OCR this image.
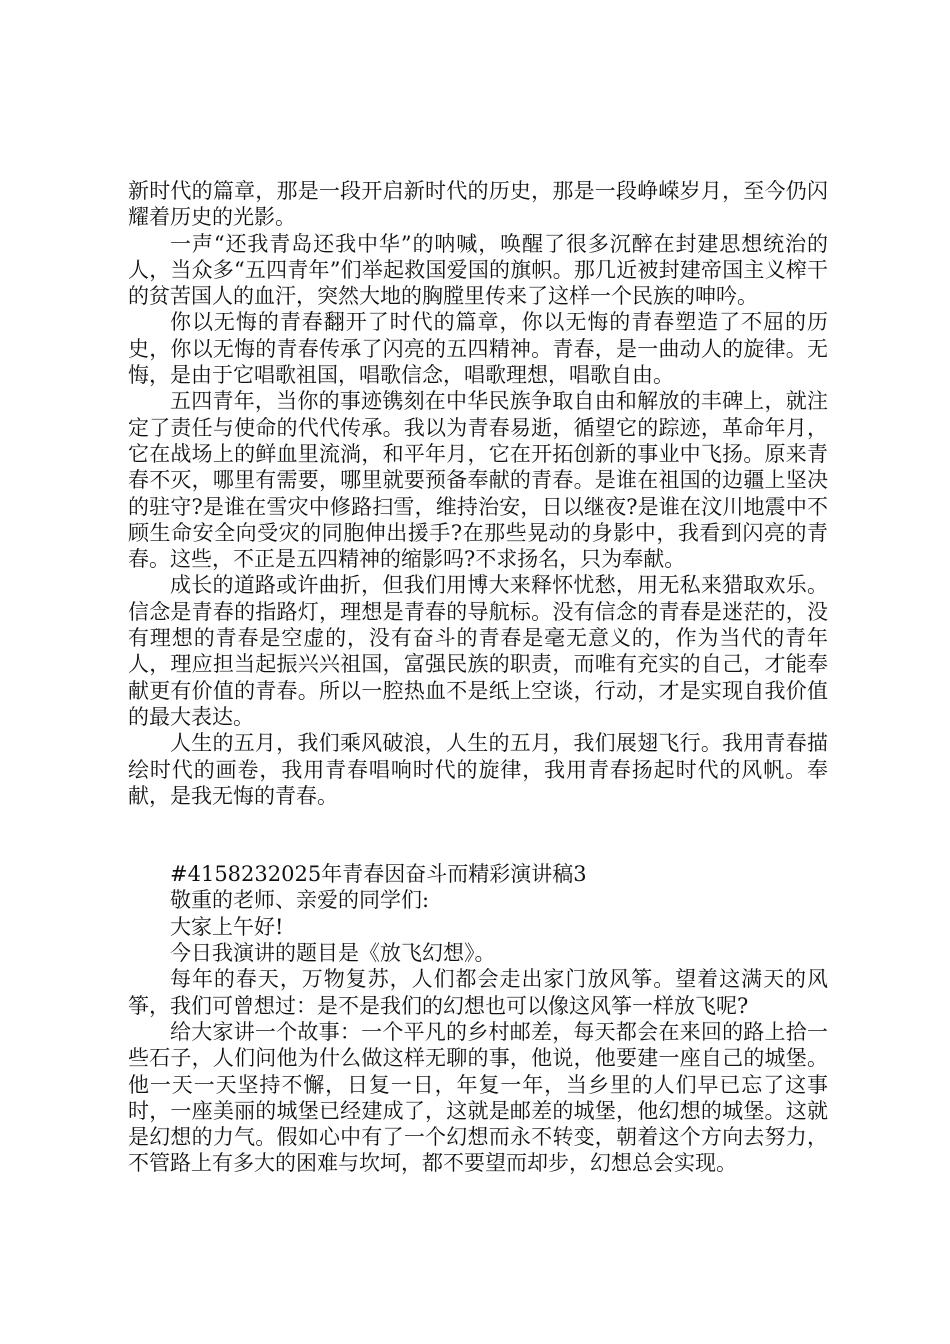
新时代的篇章，那是一段开启新时代的历史，那是一段峥嵘岁月，至今仍闪耀着历史的光影。

一声“还我青岛还我中华”的呐喊，唤醒了很多沉醉在封建思想统治的人，当众多“五四青年”们举起救国爱国的旗帜。那几近被封建帝国主义榨干的贫苦国人的血汗，突然大地的胸膛里传来了这样一个民族的呻吟。

你以无悔的青春翻开了时代的篇章，你以无悔的青春塑造了不屈的历史，你以无悔的青春传承了闪亮的五四精神。青春，是一曲动人的旋律。无悔，是由于它唱歌祖国，唱歌信念，唱歌理想，唱歌自由。

五四青年，当你的事迹镌刻在中华民族争取自由和解放的丰碑上，就注定了责任与使命的代代传承。我以为青春易逝，循望它的踪迹，革命年月，它在战场上的鲜血里流淌，和平年月，它在开拓创新的事业中飞扬。原来青春不灭，哪里有需要，哪里就要预备奉献的青春。是谁在祖国的边疆上坚决的驻守?是谁在雪灾中修路扫雪，维持治安，日以继夜?是谁在汶川地震中不顾生命安全向受灾的同胞伸出援手?在那些晃动的身影中，我看到闪亮的青春。这些，不正是五四精神的缩影吗?不求扬名，只为奉献。

成长的道路或许曲折，但我们用博大来释怀忧愁，用无私来猎取欢乐。信念是青春的指路灯，理想是青春的导航标。没有信念的青春是迷茫的，没有理想的青春是空虚的，没有奋斗的青春是毫无意义的，作为当代的青年人，理应担当起振兴兴祖国，富强民族的职责，而唯有充实的自己，才能奉献更有价值的青春。所以一腔热血不是纸上空谈，行动，才是实现自我价值的最大表达。

人生的五月，我们乘风破浪，人生的五月，我们展翅飞行。我用青春描绘时代的画卷，我用青春唱响时代的旋律，我用青春扬起时代的风帆。奉献，是我无悔的青春。

#4158232025年青春因奋斗而精彩演讲稿3

敬重的老师、亲爱的同学们:

大家上午好!

今日我演讲的题目是《放飞幻想》。

每年的春天，万物复苏，人们都会走出家门放风筝。望着这满天的风筝，我们可曾想过：是不是我们的幻想也可以像这风筝一样放飞呢?

给大家讲一个故事：一个平凡的乡村邮差，每天都会在来回的路上拾一些石子，人们问他为什么做这样无聊的事，他说，他要建一座自己的城堡。他一天一天坚持不懈，日复一日，年复一年，当乡里的人们早已忘了这事时，一座美丽的城堡已经建成了，这就是邮差的城堡，他幻想的城堡。这就是幻想的力气。假如心中有了一个幻想而永不转变，朝着这个方向去努力，不管路上有多大的困难与坎坷，都不要望而却步，幻想总会实现。
